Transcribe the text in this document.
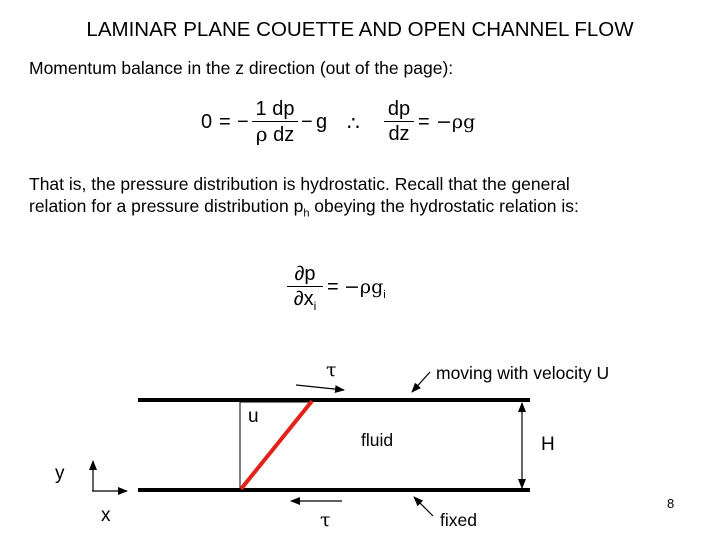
LAMINAR PLANE COUETTE AND OPEN CHANNEL FLOW
Momentum balance in the z direction (out of the page):
0 = −
1 dp
ρ dz
− g ∴
dp
dz
= −ρg
That is, the pressure distribution is hydrostatic. Recall that the general
relation for a pressure distribution $p_h$ obeying the hydrostatic relation is:
∂p
$\partial x_i$
= $-\rho g_i$
τ	moving with velocity U
u
fluid	H
y
x	τ	fixed
8
